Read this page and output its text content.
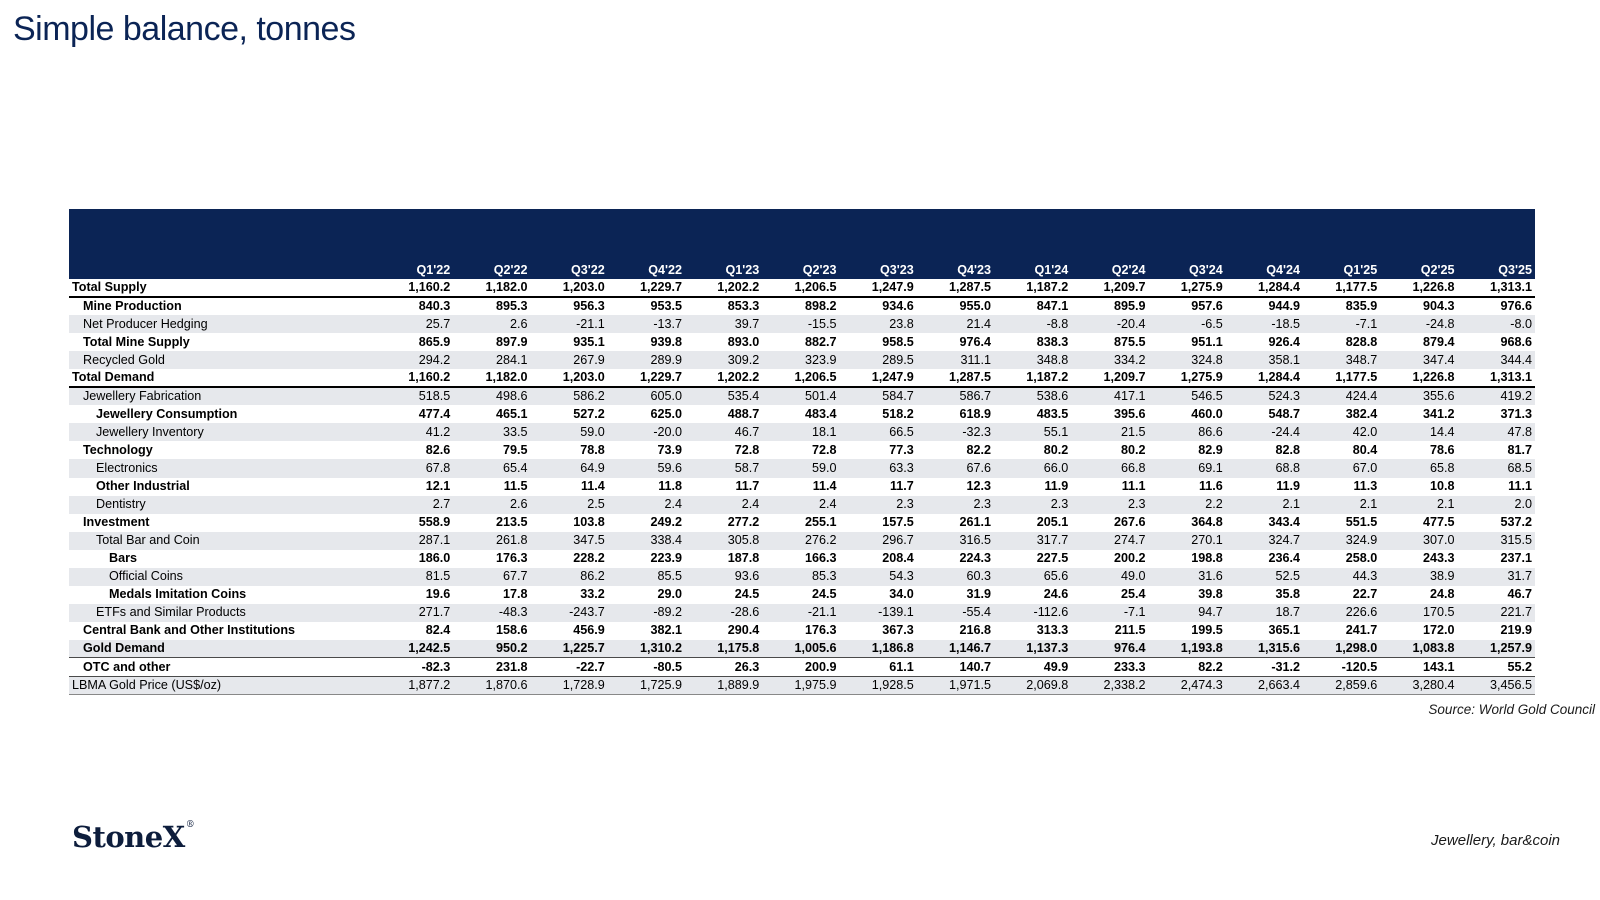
Simple balance, tonnes
	Q1'22	Q2'22	Q3'22	Q4'22	Q1'23	Q2'23	Q3'23	Q4'23	Q1'24	Q2'24	Q3'24	Q4'24	Q1'25	Q2'25	Q3'25
Total Supply	1,160.2	1,182.0	1,203.0	1,229.7	1,202.2	1,206.5	1,247.9	1,287.5	1,187.2	1,209.7	1,275.9	1,284.4	1,177.5	1,226.8	1,313.1
Mine Production	840.3	895.3	956.3	953.5	853.3	898.2	934.6	955.0	847.1	895.9	957.6	944.9	835.9	904.3	976.6
Net Producer Hedging	25.7	2.6	-21.1	-13.7	39.7	-15.5	23.8	21.4	-8.8	-20.4	-6.5	-18.5	-7.1	-24.8	-8.0
Total Mine Supply	865.9	897.9	935.1	939.8	893.0	882.7	958.5	976.4	838.3	875.5	951.1	926.4	828.8	879.4	968.6
Recycled Gold	294.2	284.1	267.9	289.9	309.2	323.9	289.5	311.1	348.8	334.2	324.8	358.1	348.7	347.4	344.4
Total Demand	1,160.2	1,182.0	1,203.0	1,229.7	1,202.2	1,206.5	1,247.9	1,287.5	1,187.2	1,209.7	1,275.9	1,284.4	1,177.5	1,226.8	1,313.1
Jewellery Fabrication	518.5	498.6	586.2	605.0	535.4	501.4	584.7	586.7	538.6	417.1	546.5	524.3	424.4	355.6	419.2
Jewellery Consumption	477.4	465.1	527.2	625.0	488.7	483.4	518.2	618.9	483.5	395.6	460.0	548.7	382.4	341.2	371.3
Jewellery Inventory	41.2	33.5	59.0	-20.0	46.7	18.1	66.5	-32.3	55.1	21.5	86.6	-24.4	42.0	14.4	47.8
Technology	82.6	79.5	78.8	73.9	72.8	72.8	77.3	82.2	80.2	80.2	82.9	82.8	80.4	78.6	81.7
Electronics	67.8	65.4	64.9	59.6	58.7	59.0	63.3	67.6	66.0	66.8	69.1	68.8	67.0	65.8	68.5
Other Industrial	12.1	11.5	11.4	11.8	11.7	11.4	11.7	12.3	11.9	11.1	11.6	11.9	11.3	10.8	11.1
Dentistry	2.7	2.6	2.5	2.4	2.4	2.4	2.3	2.3	2.3	2.3	2.2	2.1	2.1	2.1	2.0
Investment	558.9	213.5	103.8	249.2	277.2	255.1	157.5	261.1	205.1	267.6	364.8	343.4	551.5	477.5	537.2
Total Bar and Coin	287.1	261.8	347.5	338.4	305.8	276.2	296.7	316.5	317.7	274.7	270.1	324.7	324.9	307.0	315.5
Bars	186.0	176.3	228.2	223.9	187.8	166.3	208.4	224.3	227.5	200.2	198.8	236.4	258.0	243.3	237.1
Official Coins	81.5	67.7	86.2	85.5	93.6	85.3	54.3	60.3	65.6	49.0	31.6	52.5	44.3	38.9	31.7
Medals Imitation Coins	19.6	17.8	33.2	29.0	24.5	24.5	34.0	31.9	24.6	25.4	39.8	35.8	22.7	24.8	46.7
ETFs and Similar Products	271.7	-48.3	-243.7	-89.2	-28.6	-21.1	-139.1	-55.4	-112.6	-7.1	94.7	18.7	226.6	170.5	221.7
Central Bank and Other Institutions	82.4	158.6	456.9	382.1	290.4	176.3	367.3	216.8	313.3	211.5	199.5	365.1	241.7	172.0	219.9
Gold Demand	1,242.5	950.2	1,225.7	1,310.2	1,175.8	1,005.6	1,186.8	1,146.7	1,137.3	976.4	1,193.8	1,315.6	1,298.0	1,083.8	1,257.9
OTC and other	-82.3	231.8	-22.7	-80.5	26.3	200.9	61.1	140.7	49.9	233.3	82.2	-31.2	-120.5	143.1	55.2
LBMA Gold Price (US$/oz)	1,877.2	1,870.6	1,728.9	1,725.9	1,889.9	1,975.9	1,928.5	1,971.5	2,069.8	2,338.2	2,474.3	2,663.4	2,859.6	3,280.4	3,456.5

Source: World Gold Council

StoneX®

Jewellery, bar&coin
